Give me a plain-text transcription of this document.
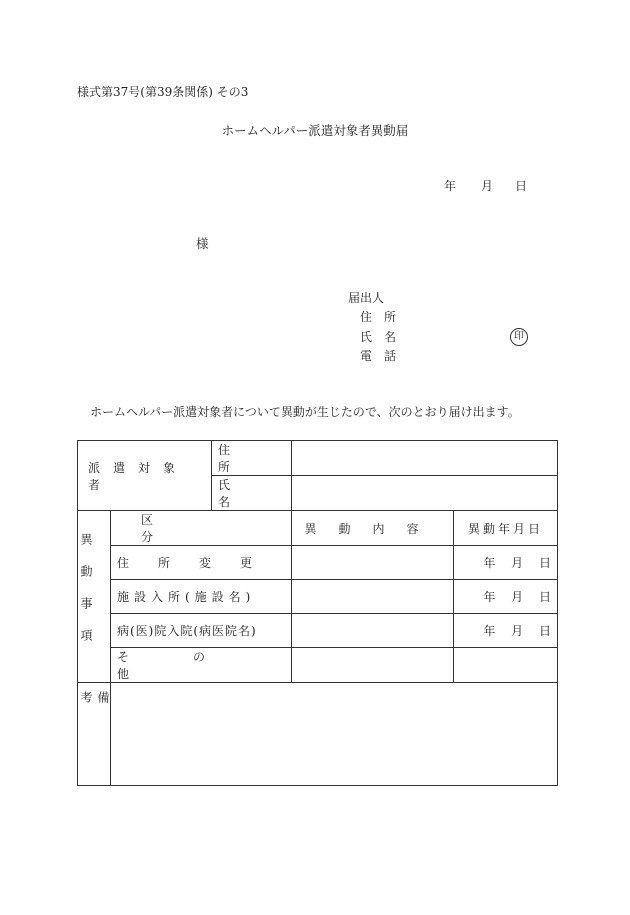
様式第37号(第39条関係) その3
ホームヘルパー派遣対象者異動届
年 月 日
様
届出人
住　所
氏　名
電　話
印
ホームヘルパー派遣対象者について異動が生じたので、次のとおり届け出ます。
派遣対象者		住所		

		氏名		

異動事項	区分		異動内容	異動年月日

	住所変更			年  月  日

	施設入所(施設名)			年  月  日

	病(医)院入院(病医院名)			年  月  日

	その他			

備考				
